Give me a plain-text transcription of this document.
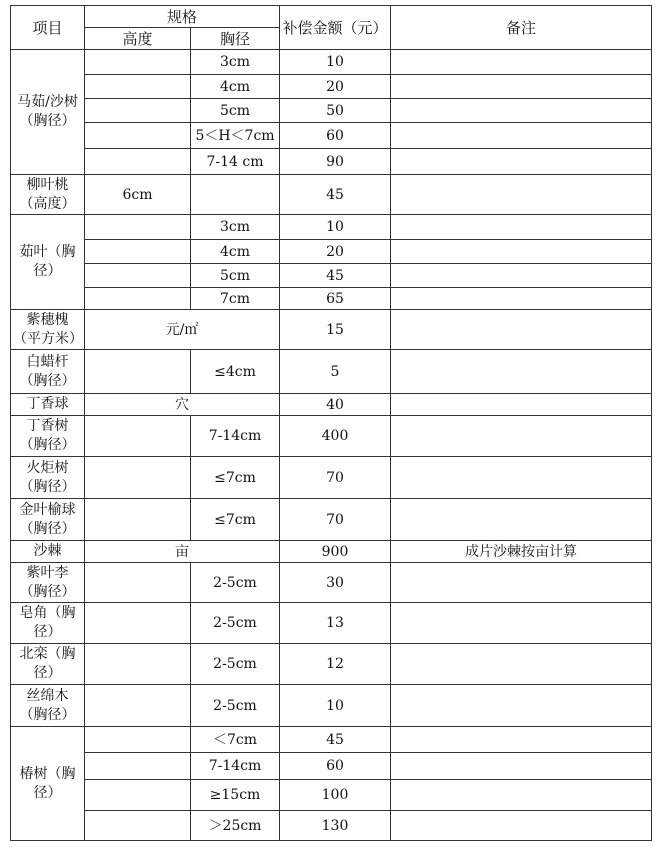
项目	规格		补偿金额（元）	备注
	高度	胸径		
马茹/沙树（胸径）		3cm	10	
		4cm	20	
		5cm	50	
		5＜H＜7cm	60	
		7-14 cm	90	
柳叶桃（高度）	6cm		45	
茹叶（胸径）		3cm	10	
		4cm	20	
		5cm	45	
		7cm	65	
紫穗槐（平方米）	元/㎡		15	
白蜡杆（胸径）		≤4cm	5	
丁香球	穴		40	
丁香树（胸径）		7-14cm	400	
火炬树（胸径）		≤7cm	70	
金叶榆球（胸径）		≤7cm	70	
沙棘	亩		900	成片沙棘按亩计算
紫叶李（胸径）		2-5cm	30	
皂角（胸径）		2-5cm	13	
北栾（胸径）		2-5cm	12	
丝绵木（胸径）		2-5cm	10	
椿树（胸径）		＜7cm	45	
		7-14cm	60	
		≥15cm	100	
		＞25cm	130	
